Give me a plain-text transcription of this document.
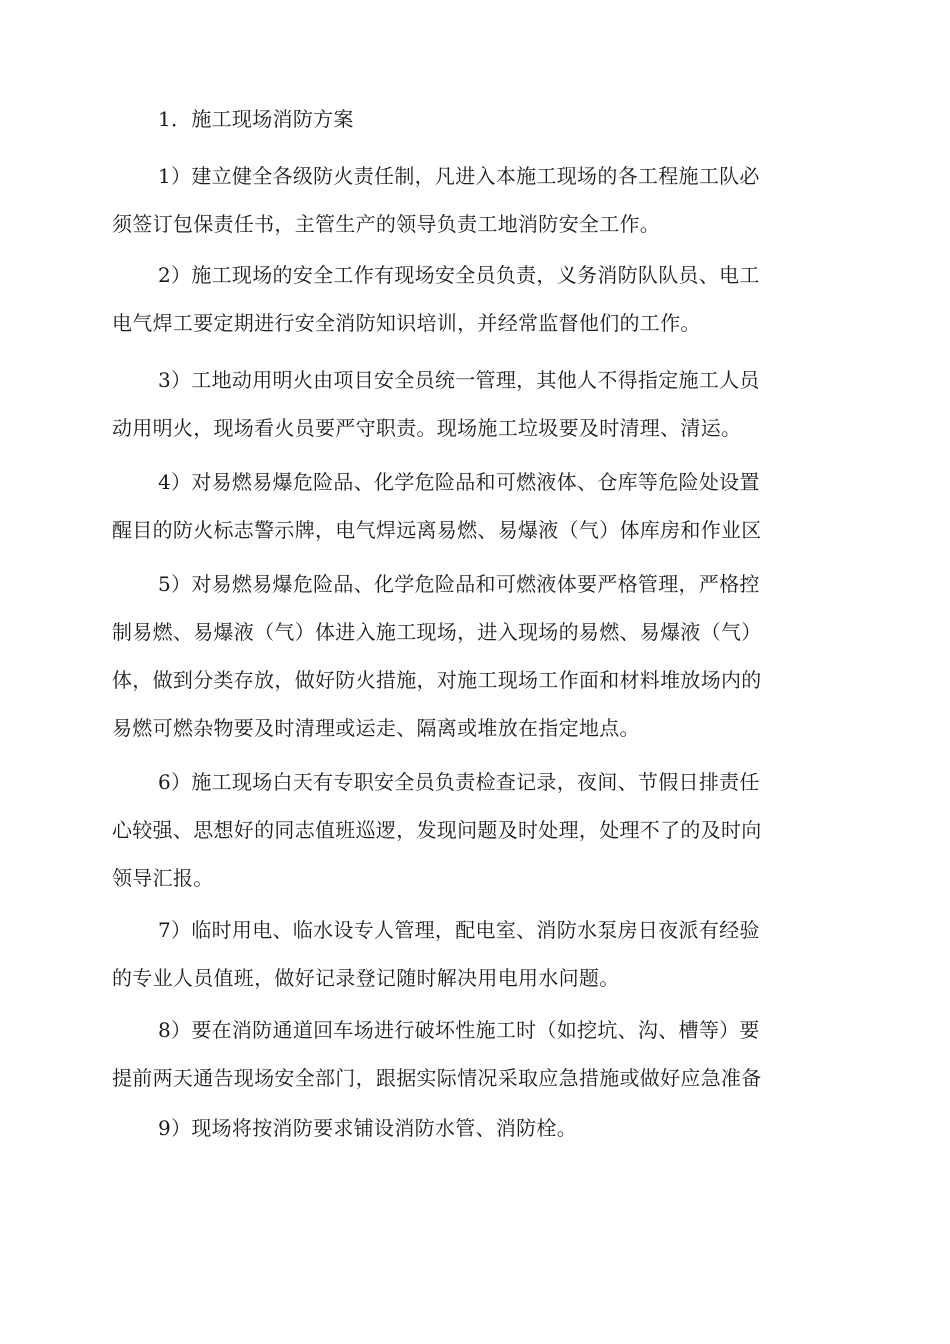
1．施工现场消防方案
1）建立健全各级防火责任制，凡进入本施工现场的各工程施工队必
须签订包保责任书，主管生产的领导负责工地消防安全工作。
2）施工现场的安全工作有现场安全员负责，义务消防队队员、电工
电气焊工要定期进行安全消防知识培训，并经常监督他们的工作。
3）工地动用明火由项目安全员统一管理，其他人不得指定施工人员
动用明火，现场看火员要严守职责。现场施工垃圾要及时清理、清运。
4）对易燃易爆危险品、化学危险品和可燃液体、仓库等危险处设置
醒目的防火标志警示牌，电气焊远离易燃、易爆液（气）体库房和作业区
5）对易燃易爆危险品、化学危险品和可燃液体要严格管理，严格控
制易燃、易爆液（气）体进入施工现场，进入现场的易燃、易爆液（气）
体，做到分类存放，做好防火措施，对施工现场工作面和材料堆放场内的
易燃可燃杂物要及时清理或运走、隔离或堆放在指定地点。
6）施工现场白天有专职安全员负责检查记录，夜间、节假日排责任
心较强、思想好的同志值班巡逻，发现问题及时处理，处理不了的及时向
领导汇报。
7）临时用电、临水设专人管理，配电室、消防水泵房日夜派有经验
的专业人员值班，做好记录登记随时解决用电用水问题。
8）要在消防通道回车场进行破坏性施工时（如挖坑、沟、槽等）要
提前两天通告现场安全部门，跟据实际情况采取应急措施或做好应急准备
9）现场将按消防要求铺设消防水管、消防栓。
